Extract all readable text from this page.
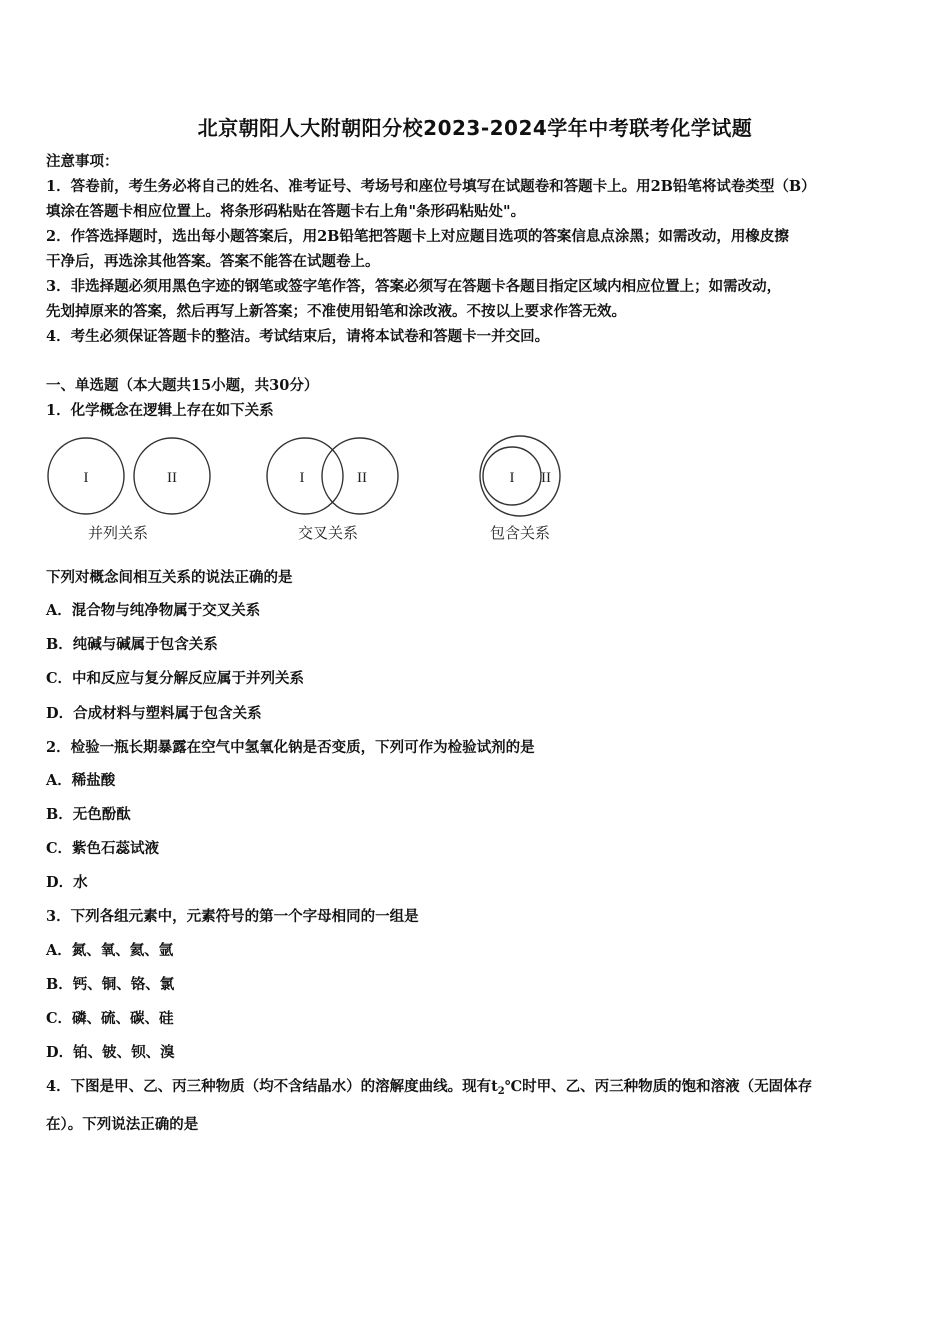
北京朝阳人大附朝阳分校2023-2024学年中考联考化学试题
注意事项：
1．答卷前，考生务必将自己的姓名、准考证号、考场号和座位号填写在试题卷和答题卡上。用2B铅笔将试卷类型（B）
填涂在答题卡相应位置上。将条形码粘贴在答题卡右上角"条形码粘贴处"。
2．作答选择题时，选出每小题答案后，用2B铅笔把答题卡上对应题目选项的答案信息点涂黑；如需改动，用橡皮擦
干净后，再选涂其他答案。答案不能答在试题卷上。
3．非选择题必须用黑色字迹的钢笔或签字笔作答，答案必须写在答题卡各题目指定区域内相应位置上；如需改动，
先划掉原来的答案，然后再写上新答案；不准使用铅笔和涂改液。不按以上要求作答无效。
4．考生必须保证答题卡的整洁。考试结束后，请将本试卷和答题卡一并交回。
一、单选题（本大题共15小题，共30分）
1．化学概念在逻辑上存在如下关系
I	II
并列关系
I	II
交叉关系
I II
包含关系
下列对概念间相互关系的说法正确的是
A．混合物与纯净物属于交叉关系
B．纯碱与碱属于包含关系
C．中和反应与复分解反应属于并列关系
D．合成材料与塑料属于包含关系
2．检验一瓶长期暴露在空气中氢氧化钠是否变质，下列可作为检验试剂的是
A．稀盐酸
B．无色酚酞
C．紫色石蕊试液
D．水
3．下列各组元素中，元素符号的第一个字母相同的一组是
A．氮、氧、氦、氩
B．钙、铜、铬、氯
C．磷、硫、碳、硅
D．铂、铍、钡、溴
4．下图是甲、乙、丙三种物质（均不含结晶水）的溶解度曲线。现有$t_2℃$时甲、乙、丙三种物质的饱和溶液（无固体存
在）。下列说法正确的是
